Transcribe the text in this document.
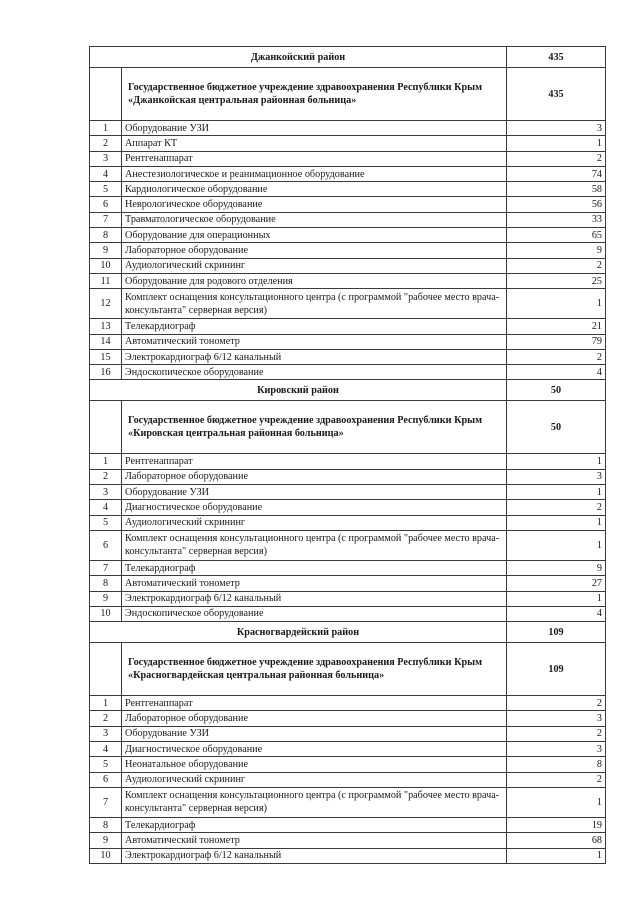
Джанкойский район		435
	Государственное бюджетное учреждение здравоохранения Республики Крым «Джанкойская центральная районная больница»	435
1	Оборудование УЗИ	3
2	Аппарат КТ	1
3	Рентгенаппарат	2
4	Анестезиологическое и реанимационное оборудование	74
5	Кардиологическое оборудование	58
6	Неврологическое оборудование	56
7	Травматологическое оборудование	33
8	Оборудование для операционных	65
9	Лабораторное оборудование	9
10	Аудиологический скрининг	2
11	Оборудование для родового отделения	25
12	Комплект оснащения консультационного центра (с программой "рабочее место врача-консультанта" серверная версия)	1
13	Телекардиограф	21
14	Автоматический тонометр	79
15	Электрокардиограф 6/12 канальный	2
16	Эндоскопическое оборудование	4
Кировский район		50
	Государственное бюджетное учреждение здравоохранения Республики Крым «Кировская центральная районная больница»	50
1	Рентгенаппарат	1
2	Лабораторное оборудование	3
3	Оборудование УЗИ	1
4	Диагностическое оборудование	2
5	Аудиологический скрининг	1
6	Комплект оснащения консультационного центра (с программой "рабочее место врача-консультанта" серверная версия)	1
7	Телекардиограф	9
8	Автоматический тонометр	27
9	Электрокардиограф 6/12 канальный	1
10	Эндоскопическое оборудование	4
Красногвардейский район		109
	Государственное бюджетное учреждение здравоохранения Республики Крым «Красногвардейская центральная районная больница»	109
1	Рентгенаппарат	2
2	Лабораторное оборудование	3
3	Оборудование УЗИ	2
4	Диагностическое оборудование	3
5	Неонатальное оборудование	8
6	Аудиологический скрининг	2
7	Комплект оснащения консультационного центра (с программой "рабочее место врача-консультанта" серверная версия)	1
8	Телекардиограф	19
9	Автоматический тонометр	68
10	Электрокардиограф 6/12 канальный	1
